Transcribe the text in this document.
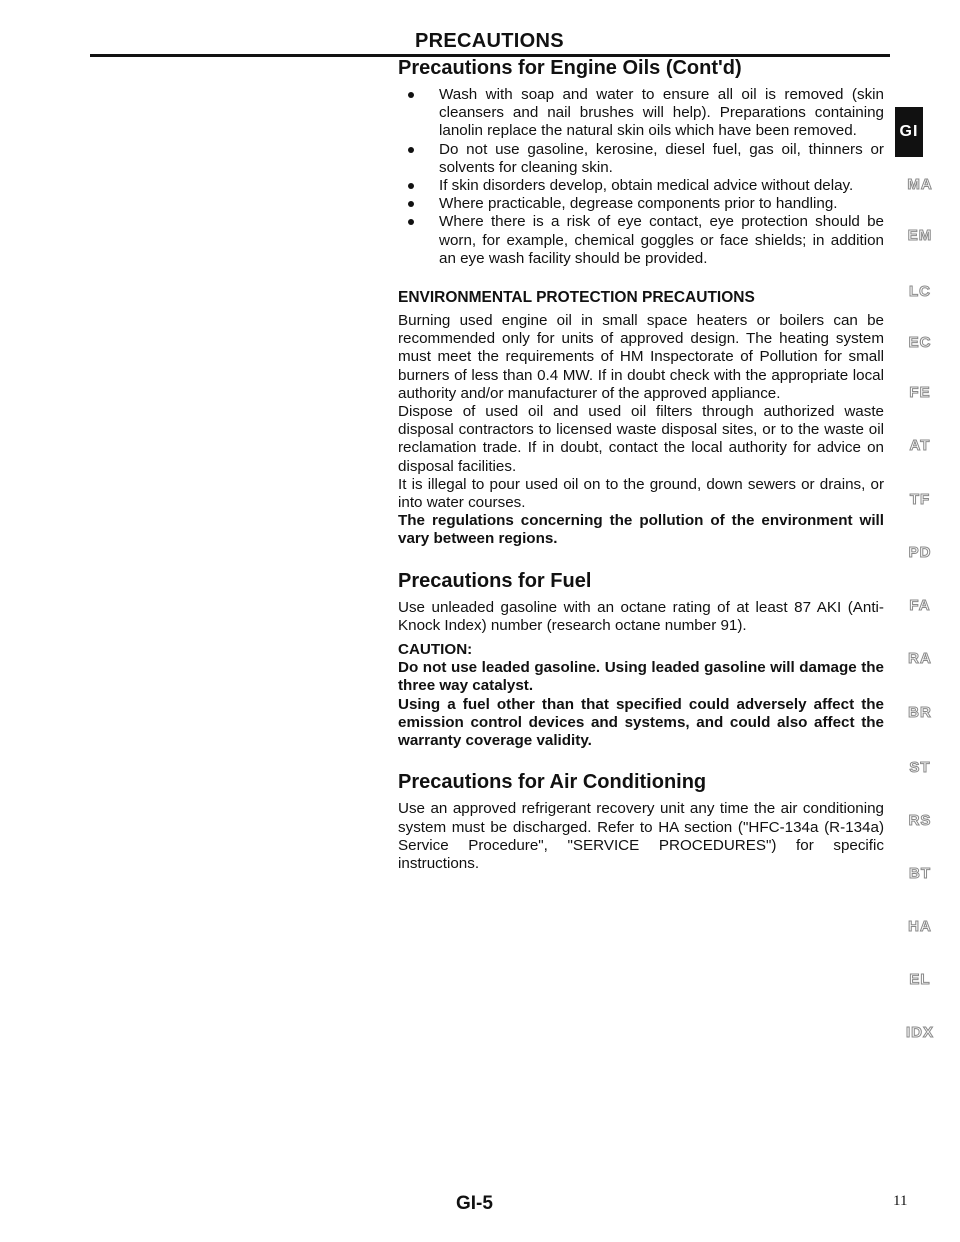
PRECAUTIONS
Precautions for Engine Oils (Cont'd)
Wash with soap and water to ensure all oil is removed (skin cleansers and nail brushes will help). Preparations containing lanolin replace the natural skin oils which have been removed.
Do not use gasoline, kerosine, diesel fuel, gas oil, thinners or solvents for cleaning skin.
If skin disorders develop, obtain medical advice without delay.
Where practicable, degrease components prior to handling.
Where there is a risk of eye contact, eye protection should be worn, for example, chemical goggles or face shields; in addition an eye wash facility should be provided.
ENVIRONMENTAL PROTECTION PRECAUTIONS

Burning used engine oil in small space heaters or boilers can be recommended only for units of approved design. The heating system must meet the requirements of HM Inspectorate of Pollution for small burners of less than 0.4 MW. If in doubt check with the appropriate local authority and/or manufacturer of the approved appliance.

Dispose of used oil and used oil filters through authorized waste disposal contractors to licensed waste disposal sites, or to the waste oil reclamation trade. If in doubt, contact the local authority for advice on disposal facilities.

It is illegal to pour used oil on to the ground, down sewers or drains, or into water courses.

The regulations concerning the pollution of the environment will vary between regions.

Precautions for Fuel

Use unleaded gasoline with an octane rating of at least 87 AKI (Anti-Knock Index) number (research octane number 91).

CAUTION:

Do not use leaded gasoline. Using leaded gasoline will damage the three way catalyst.

Using a fuel other than that specified could adversely affect the emission control devices and systems, and could also affect the warranty coverage validity.

Precautions for Air Conditioning

Use an approved refrigerant recovery unit any time the air conditioning system must be discharged. Refer to HA section ("HFC-134a (R-134a) Service Procedure", "SERVICE PROCEDURES") for specific instructions.

GI
MA
EM
LC
EC
FE
AT
TF
PD
FA
RA
BR
ST
RS
BT
HA
EL
IDX
GI-5	11
